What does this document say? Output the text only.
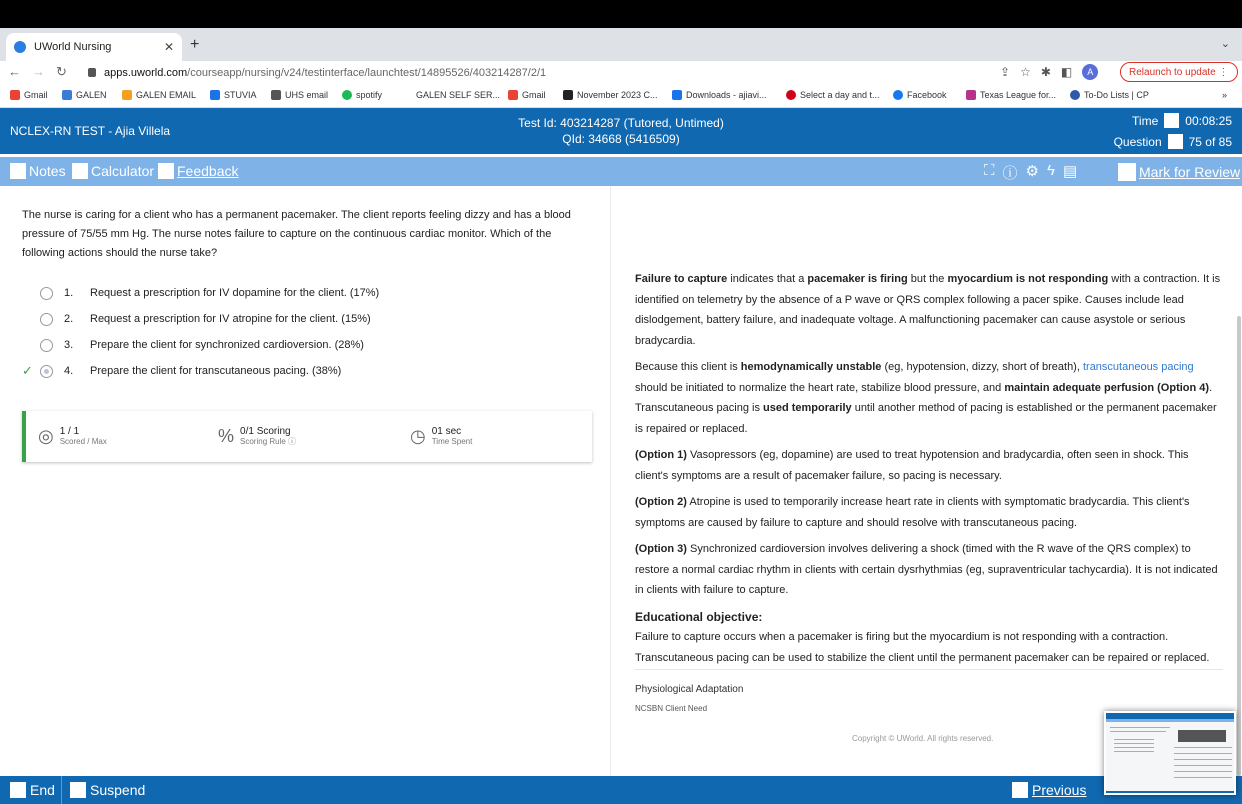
UWorld Nursing	✕ +	⌄
← → ↻	apps.uworld.com /courseapp/nursing/v24/testinterface/launchtest/14895526/403214287/2/1	⇪ ☆ ✱ ◧	A	Relaunch to update ⋮
Gmail	GALEN	GALEN EMAIL	STUVIA	UHS email	spotify	GALEN SELF SER... Gmail	November 2023 C...	Downloads - ajiavi...	Select a day and t...	Facebook	Texas League for...	To-Do Lists | CP	»
NCLEX-RN TEST - Ajia Villela
Test Id: 403214287 (Tutored, Untimed)
QId: 34668 (5416509)
Time 00:08:25
Question 75 of 85
Notes Calculator Feedback	⛶ ⓘ ⚙ ϟ ▤	Mark for Review
The nurse is caring for a client who has a permanent pacemaker. The client reports feeling dizzy and has a blood pressure of 75/55 mm Hg. The nurse notes failure to capture on the continuous cardiac monitor. Which of the following actions should the nurse take?
1. Request a prescription for IV dopamine for the client. (17%)
2. Request a prescription for IV atropine for the client. (15%)
3. Prepare the client for synchronized cardioversion. (28%)
✓	4. Prepare the client for transcutaneous pacing. (38%)
◎ 1 / 1
Scored / Max	% 0/1 Scoring
Scoring Rule ⓘ	◷ 01 sec
Time Spent

Failure to capture indicates that a pacemaker is firing but the myocardium is not responding with a contraction. It is identified on telemetry by the absence of a P wave or QRS complex following a pacer spike. Causes include lead dislodgement, battery failure, and inadequate voltage. A malfunctioning pacemaker can cause asystole or serious bradycardia.

Because this client is hemodynamically unstable (eg, hypotension, dizzy, short of breath), transcutaneous pacing should be initiated to normalize the heart rate, stabilize blood pressure, and maintain adequate perfusion (Option 4). Transcutaneous pacing is used temporarily until another method of pacing is established or the permanent pacemaker is repaired or replaced.

(Option 1) Vasopressors (eg, dopamine) are used to treat hypotension and bradycardia, often seen in shock. This client's symptoms are a result of pacemaker failure, so pacing is necessary.

(Option 2) Atropine is used to temporarily increase heart rate in clients with symptomatic bradycardia. This client's symptoms are caused by failure to capture and should resolve with transcutaneous pacing.

(Option 3) Synchronized cardioversion involves delivering a shock (timed with the R wave of the QRS complex) to restore a normal cardiac rhythm in clients with certain dysrhythmias (eg, supraventricular tachycardia). It is not indicated in clients with failure to capture.

Educational objective:
Failure to capture occurs when a pacemaker is firing but the myocardium is not responding with a contraction. Transcutaneous pacing can be used to stabilize the client until the permanent pacemaker can be repaired or replaced.
Physiological Adaptation
NCSBN Client Need
Copyright © UWorld. All rights reserved.
End	Suspend	Previous
